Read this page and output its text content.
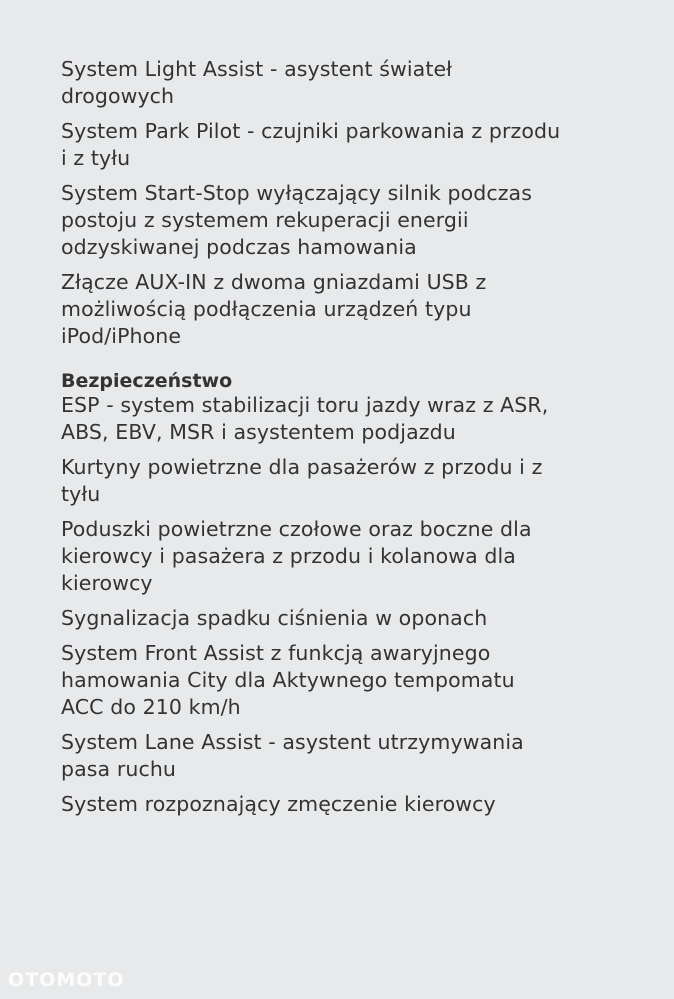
System Light Assist - asystent świateł drogowych

System Park Pilot - czujniki parkowania z przodu i z tyłu

System Start-Stop wyłączający silnik podczas postoju z systemem rekuperacji energii odzyskiwanej podczas hamowania

Złącze AUX-IN z dwoma gniazdami USB z możliwością podłączenia urządzeń typu iPod/iPhone

Bezpieczeństwo

ESP - system stabilizacji toru jazdy wraz z ASR, ABS, EBV, MSR i asystentem podjazdu

Kurtyny powietrzne dla pasażerów z przodu i z tyłu

Poduszki powietrzne czołowe oraz boczne dla kierowcy i pasażera z przodu i kolanowa dla kierowcy

Sygnalizacja spadku ciśnienia w oponach

System Front Assist z funkcją awaryjnego hamowania City dla Aktywnego tempomatu ACC do 210 km/h

System Lane Assist - asystent utrzymywania pasa ruchu

System rozpoznający zmęczenie kierowcy

OTOMOTO
